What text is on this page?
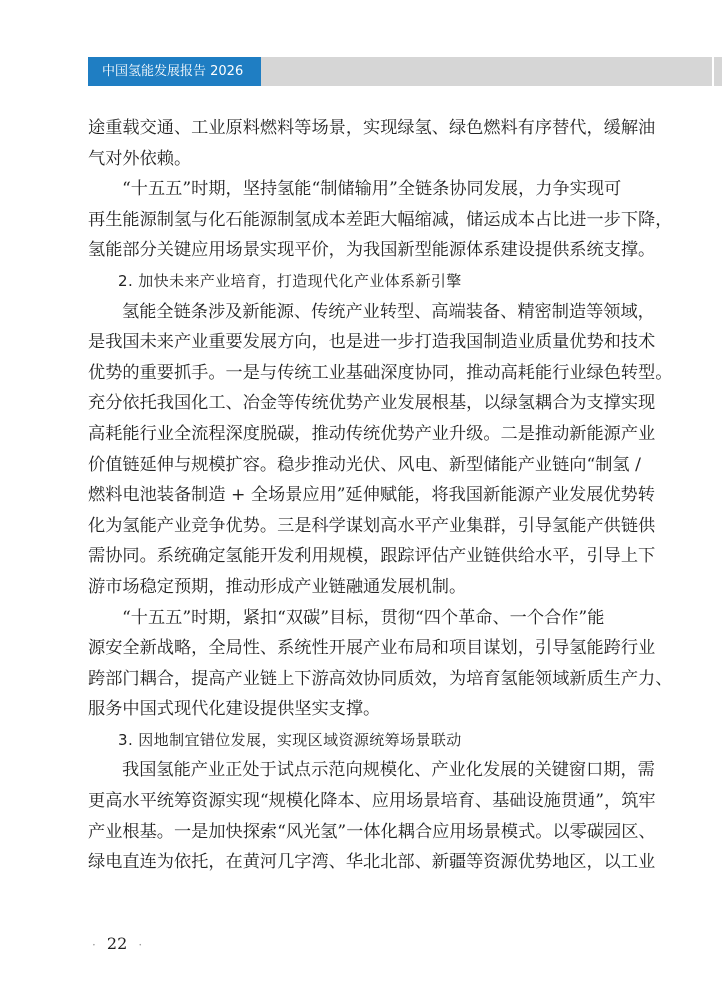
中国氢能发展报告 2026
途重载交通、工业原料燃料等场景，实现绿氢、绿色燃料有序替代，缓解油
气对外依赖。
“十五五”时期，坚持氢能“制储输用”全链条协同发展，力争实现可
再生能源制氢与化石能源制氢成本差距大幅缩减，储运成本占比进一步下降，
氢能部分关键应用场景实现平价，为我国新型能源体系建设提供系统支撑。
2. 加快未来产业培育，打造现代化产业体系新引擎
氢能全链条涉及新能源、传统产业转型、高端装备、精密制造等领域，
是我国未来产业重要发展方向，也是进一步打造我国制造业质量优势和技术
优势的重要抓手。一是与传统工业基础深度协同，推动高耗能行业绿色转型。
充分依托我国化工、冶金等传统优势产业发展根基，以绿氢耦合为支撑实现
高耗能行业全流程深度脱碳，推动传统优势产业升级。二是推动新能源产业
价值链延伸与规模扩容。稳步推动光伏、风电、新型储能产业链向“制氢 /
燃料电池装备制造 + 全场景应用”延伸赋能，将我国新能源产业发展优势转
化为氢能产业竞争优势。三是科学谋划高水平产业集群，引导氢能产供链供
需协同。系统确定氢能开发利用规模，跟踪评估产业链供给水平，引导上下
游市场稳定预期，推动形成产业链融通发展机制。
“十五五”时期，紧扣“双碳”目标，贯彻“四个革命、一个合作”能
源安全新战略，全局性、系统性开展产业布局和项目谋划，引导氢能跨行业
跨部门耦合，提高产业链上下游高效协同质效，为培育氢能领域新质生产力、
服务中国式现代化建设提供坚实支撑。
3. 因地制宜错位发展，实现区域资源统筹场景联动
我国氢能产业正处于试点示范向规模化、产业化发展的关键窗口期，需
更高水平统筹资源实现“规模化降本、应用场景培育、基础设施贯通”，筑牢
产业根基。一是加快探索“风光氢”一体化耦合应用场景模式。以零碳园区、
绿电直连为依托，在黄河几字湾、华北北部、新疆等资源优势地区，以工业
· 22 ·
